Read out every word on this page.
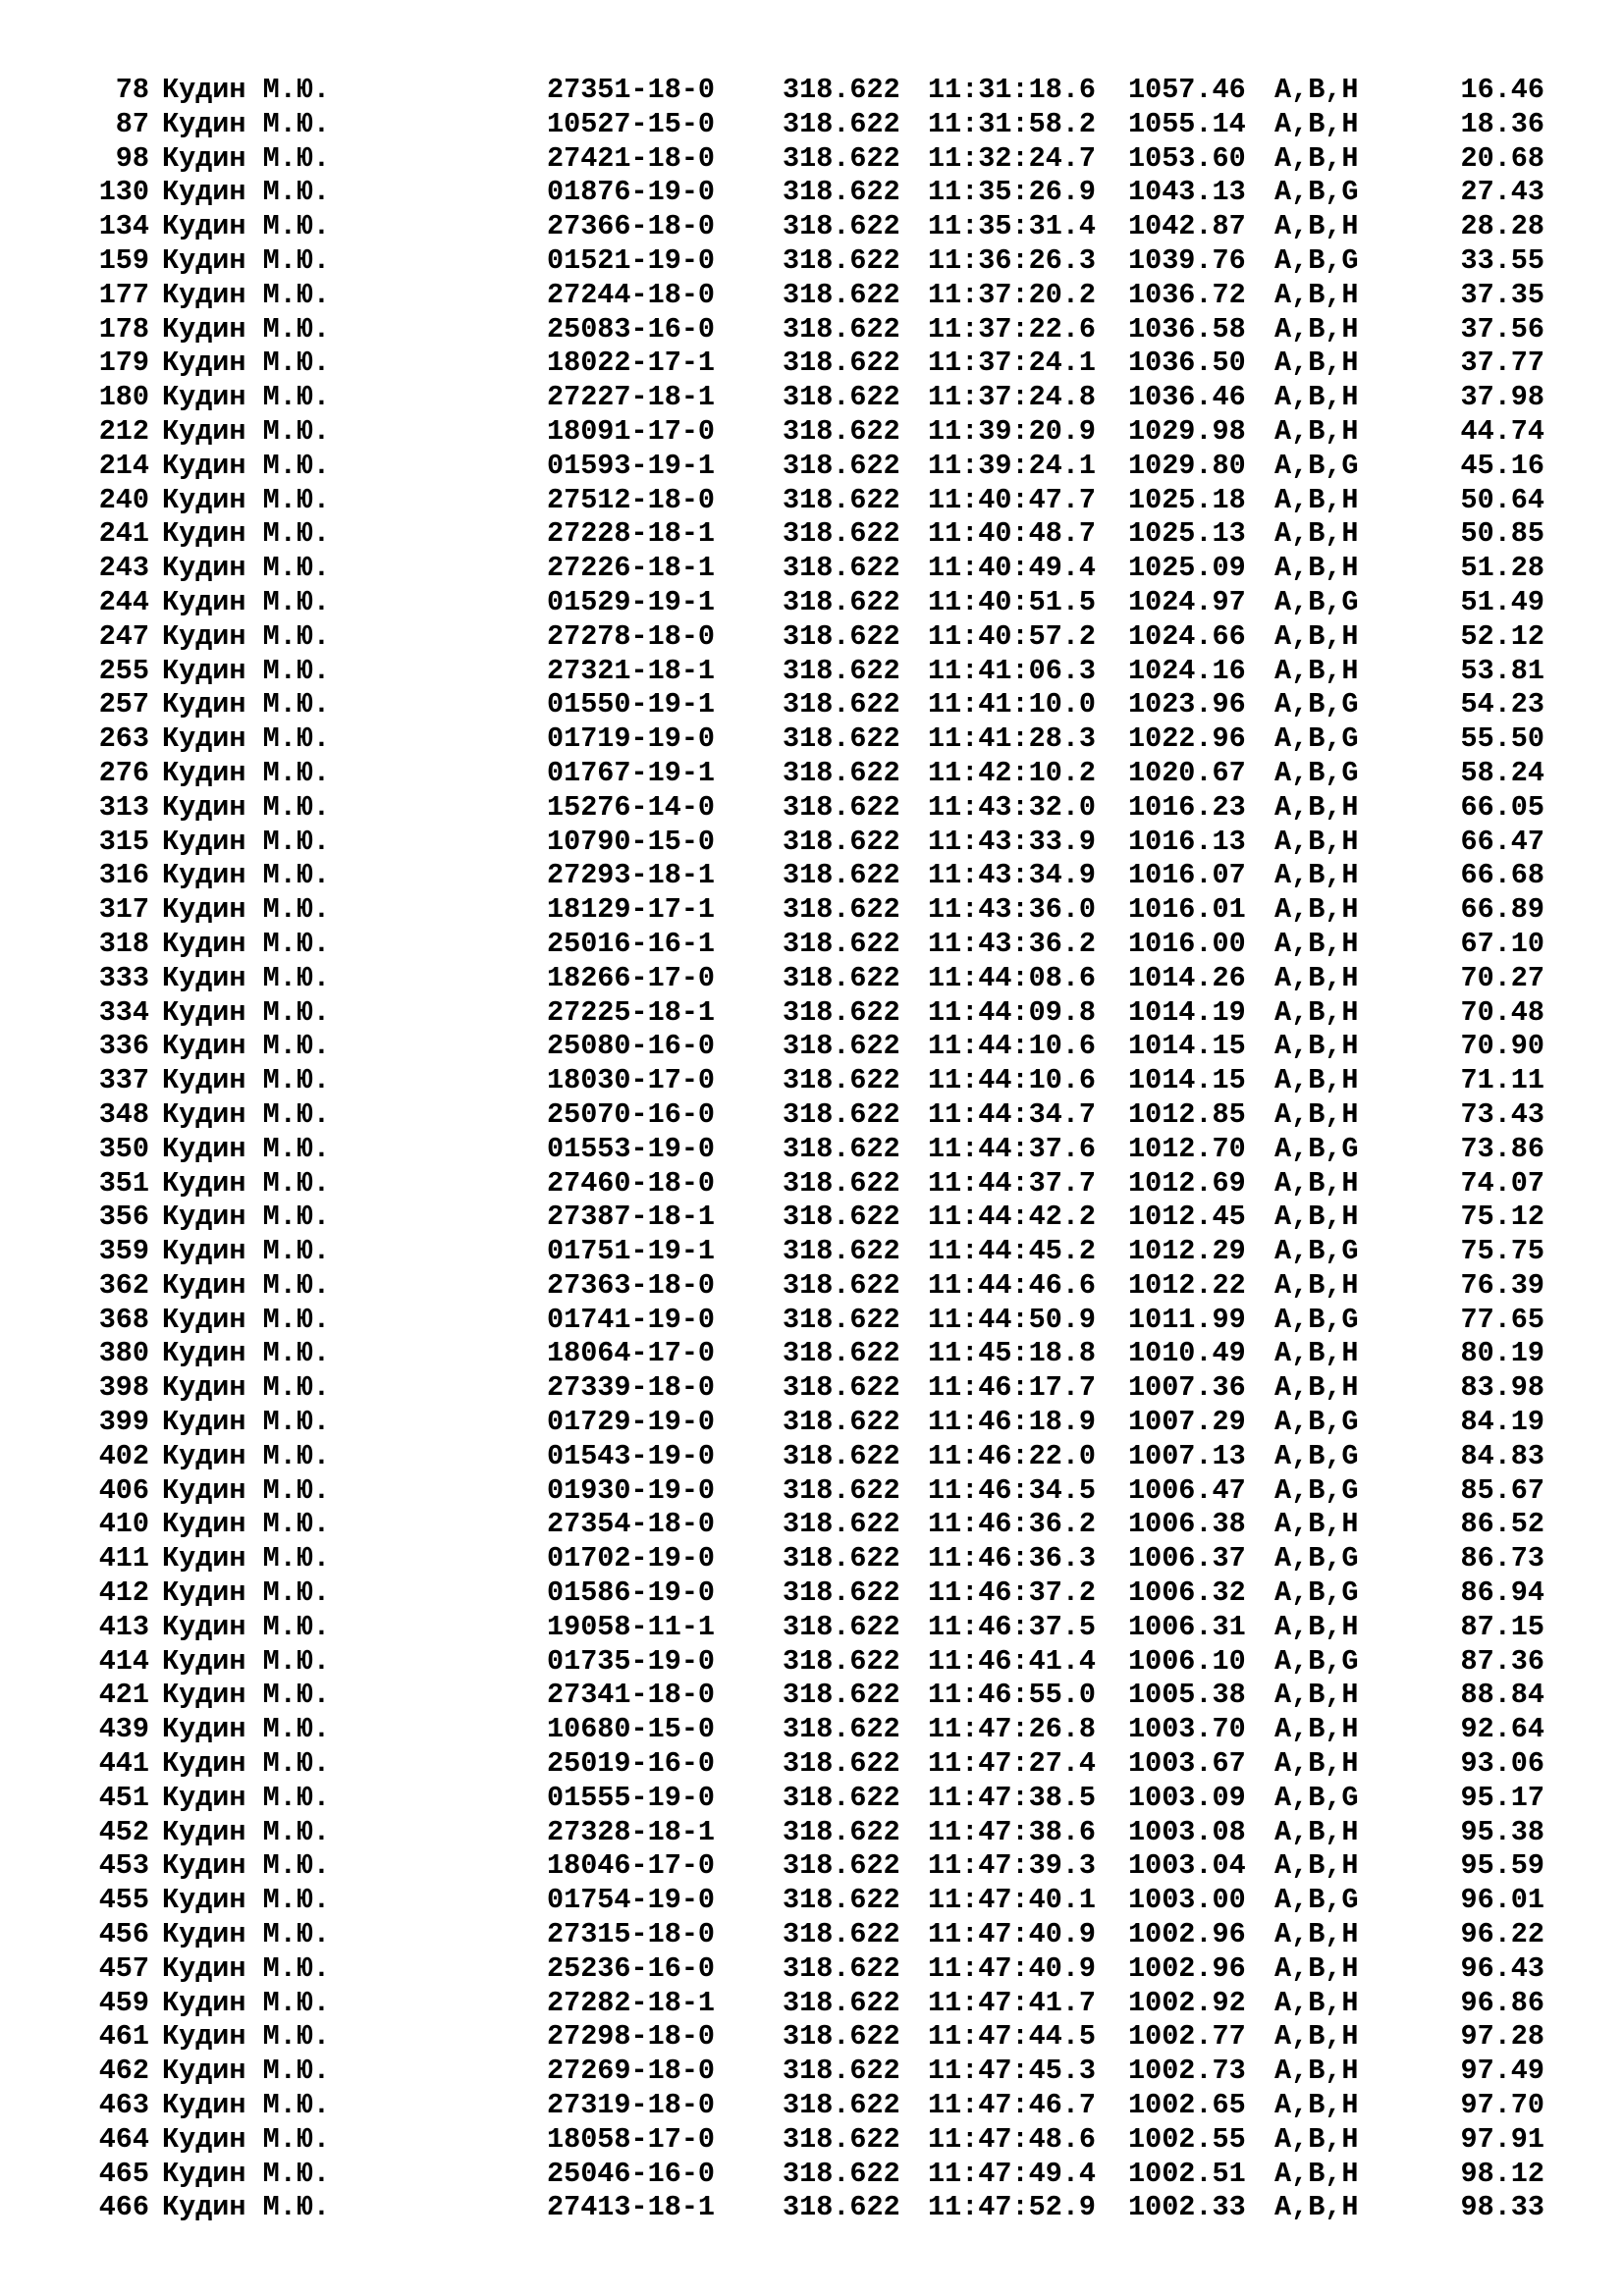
78 Кудин М.Ю.	27351-18-0 318.622 11:31:18.6 1057.46 A,B,H	16.46
87 Кудин М.Ю.	10527-15-0 318.622 11:31:58.2 1055.14 A,B,H	18.36
98 Кудин М.Ю.	27421-18-0 318.622 11:32:24.7 1053.60 A,B,H	20.68
130 Кудин М.Ю.	01876-19-0 318.622 11:35:26.9 1043.13 A,B,G	27.43
134 Кудин М.Ю.	27366-18-0 318.622 11:35:31.4 1042.87 A,B,H	28.28
159 Кудин М.Ю.	01521-19-0 318.622 11:36:26.3 1039.76 A,B,G	33.55
177 Кудин М.Ю.	27244-18-0 318.622 11:37:20.2 1036.72 A,B,H	37.35
178 Кудин М.Ю.	25083-16-0 318.622 11:37:22.6 1036.58 A,B,H	37.56
179 Кудин М.Ю.	18022-17-1 318.622 11:37:24.1 1036.50 A,B,H	37.77
180 Кудин М.Ю.	27227-18-1 318.622 11:37:24.8 1036.46 A,B,H	37.98
212 Кудин М.Ю.	18091-17-0 318.622 11:39:20.9 1029.98 A,B,H	44.74
214 Кудин М.Ю.	01593-19-1 318.622 11:39:24.1 1029.80 A,B,G	45.16
240 Кудин М.Ю.	27512-18-0 318.622 11:40:47.7 1025.18 A,B,H	50.64
241 Кудин М.Ю.	27228-18-1 318.622 11:40:48.7 1025.13 A,B,H	50.85
243 Кудин М.Ю.	27226-18-1 318.622 11:40:49.4 1025.09 A,B,H	51.28
244 Кудин М.Ю.	01529-19-1 318.622 11:40:51.5 1024.97 A,B,G	51.49
247 Кудин М.Ю.	27278-18-0 318.622 11:40:57.2 1024.66 A,B,H	52.12
255 Кудин М.Ю.	27321-18-1 318.622 11:41:06.3 1024.16 A,B,H	53.81
257 Кудин М.Ю.	01550-19-1 318.622 11:41:10.0 1023.96 A,B,G	54.23
263 Кудин М.Ю.	01719-19-0 318.622 11:41:28.3 1022.96 A,B,G	55.50
276 Кудин М.Ю.	01767-19-1 318.622 11:42:10.2 1020.67 A,B,G	58.24
313 Кудин М.Ю.	15276-14-0 318.622 11:43:32.0 1016.23 A,B,H	66.05
315 Кудин М.Ю.	10790-15-0 318.622 11:43:33.9 1016.13 A,B,H	66.47
316 Кудин М.Ю.	27293-18-1 318.622 11:43:34.9 1016.07 A,B,H	66.68
317 Кудин М.Ю.	18129-17-1 318.622 11:43:36.0 1016.01 A,B,H	66.89
318 Кудин М.Ю.	25016-16-1 318.622 11:43:36.2 1016.00 A,B,H	67.10
333 Кудин М.Ю.	18266-17-0 318.622 11:44:08.6 1014.26 A,B,H	70.27
334 Кудин М.Ю.	27225-18-1 318.622 11:44:09.8 1014.19 A,B,H	70.48
336 Кудин М.Ю.	25080-16-0 318.622 11:44:10.6 1014.15 A,B,H	70.90
337 Кудин М.Ю.	18030-17-0 318.622 11:44:10.6 1014.15 A,B,H	71.11
348 Кудин М.Ю.	25070-16-0 318.622 11:44:34.7 1012.85 A,B,H	73.43
350 Кудин М.Ю.	01553-19-0 318.622 11:44:37.6 1012.70 A,B,G	73.86
351 Кудин М.Ю.	27460-18-0 318.622 11:44:37.7 1012.69 A,B,H	74.07
356 Кудин М.Ю.	27387-18-1 318.622 11:44:42.2 1012.45 A,B,H	75.12
359 Кудин М.Ю.	01751-19-1 318.622 11:44:45.2 1012.29 A,B,G	75.75
362 Кудин М.Ю.	27363-18-0 318.622 11:44:46.6 1012.22 A,B,H	76.39
368 Кудин М.Ю.	01741-19-0 318.622 11:44:50.9 1011.99 A,B,G	77.65
380 Кудин М.Ю.	18064-17-0 318.622 11:45:18.8 1010.49 A,B,H	80.19
398 Кудин М.Ю.	27339-18-0 318.622 11:46:17.7 1007.36 A,B,H	83.98
399 Кудин М.Ю.	01729-19-0 318.622 11:46:18.9 1007.29 A,B,G	84.19
402 Кудин М.Ю.	01543-19-0 318.622 11:46:22.0 1007.13 A,B,G	84.83
406 Кудин М.Ю.	01930-19-0 318.622 11:46:34.5 1006.47 A,B,G	85.67
410 Кудин М.Ю.	27354-18-0 318.622 11:46:36.2 1006.38 A,B,H	86.52
411 Кудин М.Ю.	01702-19-0 318.622 11:46:36.3 1006.37 A,B,G	86.73
412 Кудин М.Ю.	01586-19-0 318.622 11:46:37.2 1006.32 A,B,G	86.94
413 Кудин М.Ю.	19058-11-1 318.622 11:46:37.5 1006.31 A,B,H	87.15
414 Кудин М.Ю.	01735-19-0 318.622 11:46:41.4 1006.10 A,B,G	87.36
421 Кудин М.Ю.	27341-18-0 318.622 11:46:55.0 1005.38 A,B,H	88.84
439 Кудин М.Ю.	10680-15-0 318.622 11:47:26.8 1003.70 A,B,H	92.64
441 Кудин М.Ю.	25019-16-0 318.622 11:47:27.4 1003.67 A,B,H	93.06
451 Кудин М.Ю.	01555-19-0 318.622 11:47:38.5 1003.09 A,B,G	95.17
452 Кудин М.Ю.	27328-18-1 318.622 11:47:38.6 1003.08 A,B,H	95.38
453 Кудин М.Ю.	18046-17-0 318.622 11:47:39.3 1003.04 A,B,H	95.59
455 Кудин М.Ю.	01754-19-0 318.622 11:47:40.1 1003.00 A,B,G	96.01
456 Кудин М.Ю.	27315-18-0 318.622 11:47:40.9 1002.96 A,B,H	96.22
457 Кудин М.Ю.	25236-16-0 318.622 11:47:40.9 1002.96 A,B,H	96.43
459 Кудин М.Ю.	27282-18-1 318.622 11:47:41.7 1002.92 A,B,H	96.86
461 Кудин М.Ю.	27298-18-0 318.622 11:47:44.5 1002.77 A,B,H	97.28
462 Кудин М.Ю.	27269-18-0 318.622 11:47:45.3 1002.73 A,B,H	97.49
463 Кудин М.Ю.	27319-18-0 318.622 11:47:46.7 1002.65 A,B,H	97.70
464 Кудин М.Ю.	18058-17-0 318.622 11:47:48.6 1002.55 A,B,H	97.91
465 Кудин М.Ю.	25046-16-0 318.622 11:47:49.4 1002.51 A,B,H	98.12
466 Кудин М.Ю.	27413-18-1 318.622 11:47:52.9 1002.33 A,B,H	98.33
